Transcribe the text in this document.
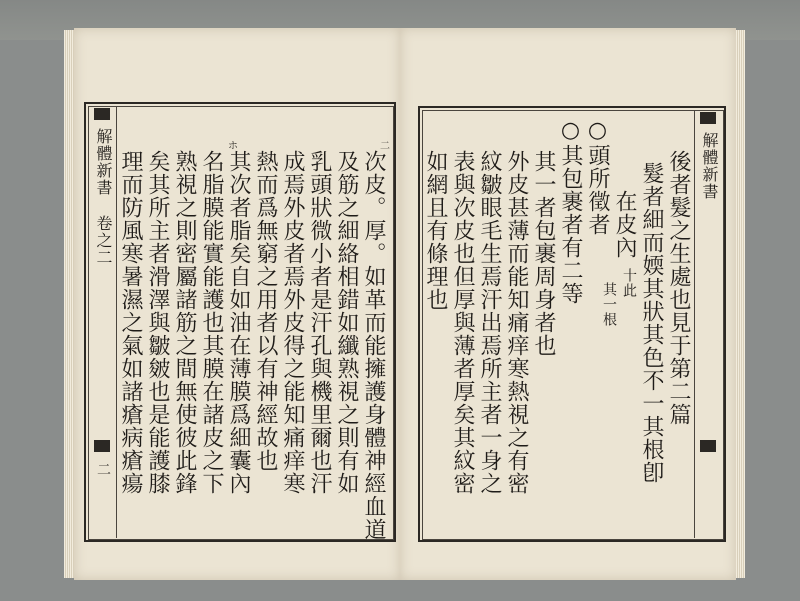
解體新書
卷之二
二
ホ	二
次皮。厚。如革而能擁護身體神經血道
及筋之細絡相錯如纖熟視之則有如
乳頭狀微小者是汗孔與機里爾也汗
成焉外皮者焉外皮得之能知痛痒寒
熱而爲無窮之用者以有神經故也
其次者脂矣自如油在薄膜爲細囊內
名脂膜能實能護也其膜在諸皮之下
熟視之則密屬諸筋之間無使彼此鋒
矣其所主者滑澤與皺皴也是能護膝
理而防風寒暑濕之氣如諸瘡病瘡瘍	解體新書
後者髮之生處也見于第二篇
髮者細而媆其狀其色不一其根卽
在皮內
○頭所徵者
○其包裹者有二等
其一者包裹周身者也
外皮甚薄而能知痛痒寒熱視之有密
紋皺眼毛生焉汗出焉所主者一身之
表與次皮也但厚與薄者厚矣其紋密
如網且有條理也	十此
其一根
